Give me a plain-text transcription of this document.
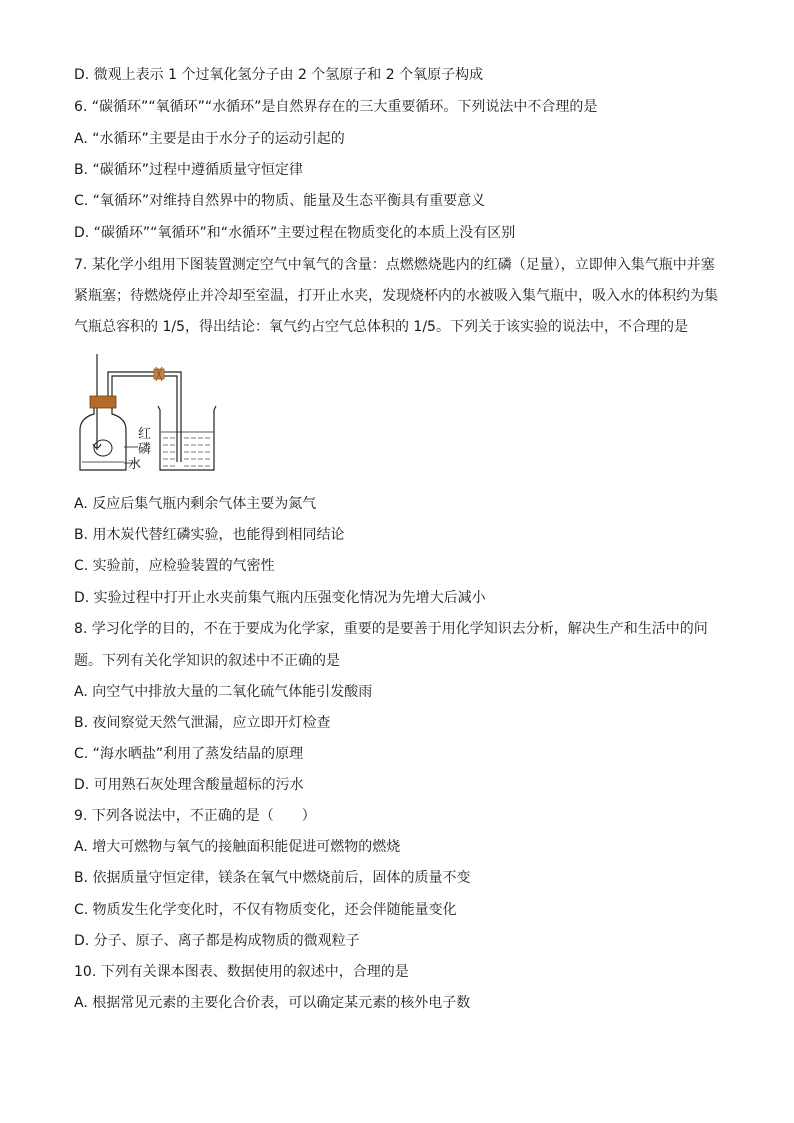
D. 微观上表示 1 个过氧化氢分子由 2 个氢原子和 2 个氧原子构成
6. “碳循环”“氧循环”“水循环”是自然界存在的三大重要循环。下列说法中不合理的是
A. “水循环”主要是由于水分子的运动引起的
B. “碳循环”过程中遵循质量守恒定律
C. “氧循环”对维持自然界中的物质、能量及生态平衡具有重要意义
D. “碳循环”“氧循环”和“水循环”主要过程在物质变化的本质上没有区别
7. 某化学小组用下图装置测定空气中氧气的含量：点燃燃烧匙内的红磷（足量），立即伸入集气瓶中并塞
紧瓶塞；待燃烧停止并冷却至室温，打开止水夹，发现烧杯内的水被吸入集气瓶中，吸入水的体积约为集
气瓶总容积的 1/5，得出结论：氧气约占空气总体积的 1/5。下列关于该实验的说法中，不合理的是
红
磷
水
A. 反应后集气瓶内剩余气体主要为氮气
B. 用木炭代替红磷实验，也能得到相同结论
C. 实验前，应检验装置的气密性
D. 实验过程中打开止水夹前集气瓶内压强变化情况为先增大后减小
8. 学习化学的目的，不在于要成为化学家，重要的是要善于用化学知识去分析，解决生产和生活中的问
题。下列有关化学知识的叙述中不正确的是
A. 向空气中排放大量的二氧化硫气体能引发酸雨
B. 夜间察觉天然气泄漏，应立即开灯检查
C. “海水晒盐”利用了蒸发结晶的原理
D. 可用熟石灰处理含酸量超标的污水
9. 下列各说法中，不正确的是（　　）
A. 增大可燃物与氧气的接触面积能促进可燃物的燃烧
B. 依据质量守恒定律，镁条在氧气中燃烧前后，固体的质量不变
C. 物质发生化学变化时，不仅有物质变化，还会伴随能量变化
D. 分子、原子、离子都是构成物质的微观粒子
10. 下列有关课本图表、数据使用的叙述中，合理的是
A. 根据常见元素的主要化合价表，可以确定某元素的核外电子数
